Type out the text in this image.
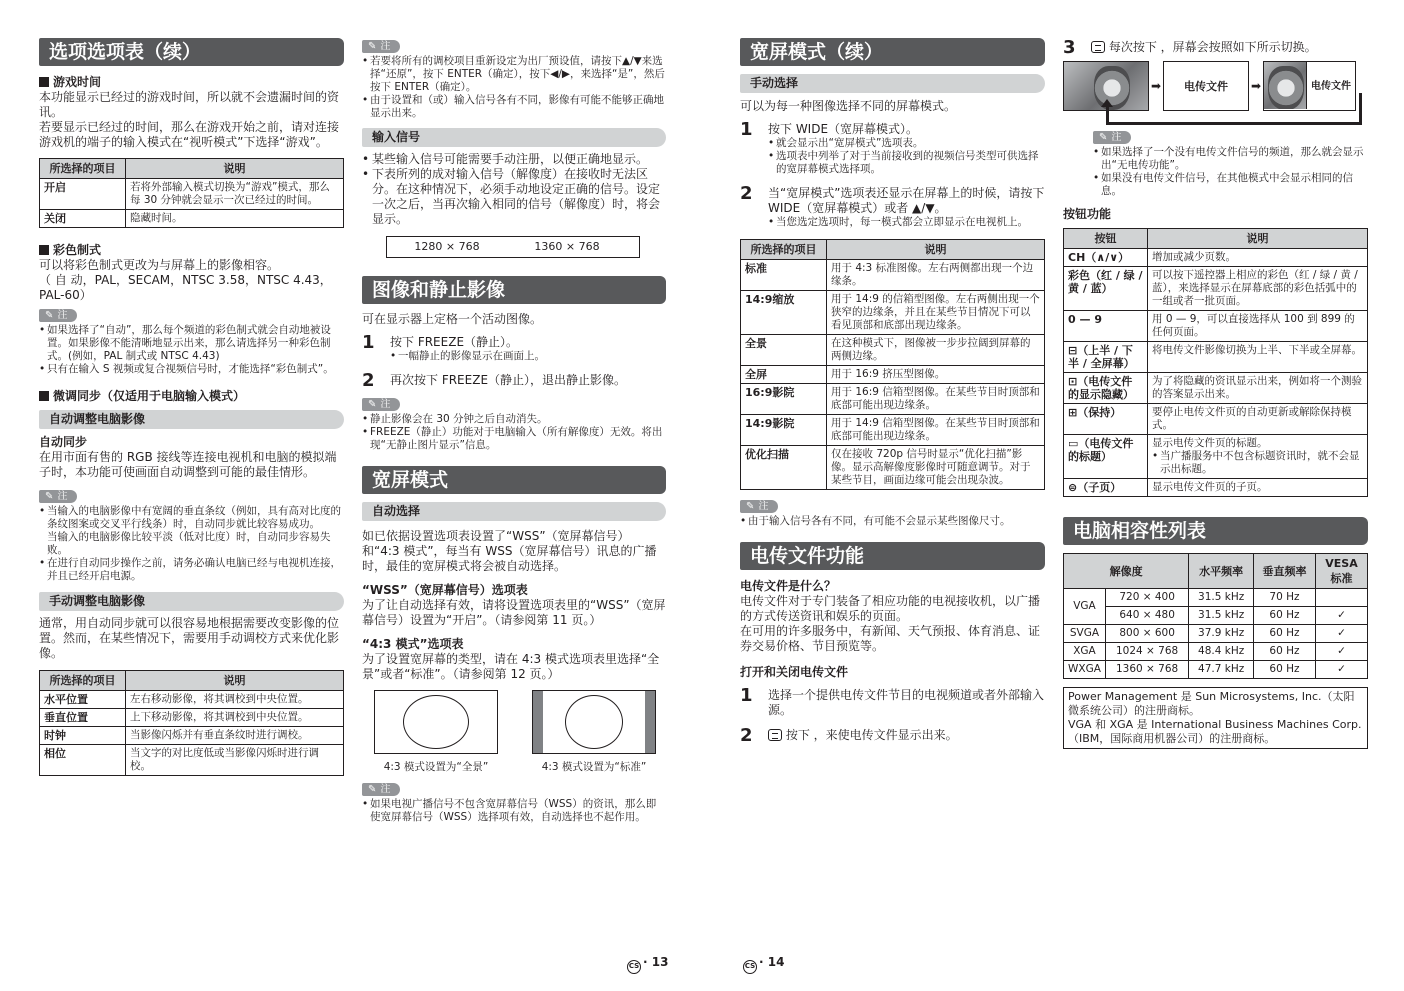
选项选项表（续）
游戏时间
本功能显示已经过的游戏时间，所以就不会遗漏时间的资讯。
若要显示已经过的时间，那么在游戏开始之前，请对连接游戏机的端子的输入模式在“视听模式”下选择“游戏”。
所选择的项目	说明
开启	若将外部输入模式切换为“游戏”模式，那么每 30 分钟就会显示一次已经过的时间。
关闭	隐藏时间。
彩色制式
可以将彩色制式更改为与屏幕上的影像相容。
（ 自 动，PAL，SECAM，NTSC 3.58，NTSC 4.43，PAL-60）
✎ 注
• 如果选择了“自动”，那么每个频道的彩色制式就会自动地被设置。如果影像不能清晰地显示出来，那么请选择另一种彩色制式。(例如，PAL 制式或 NTSC 4.43)
• 只有在输入 S 视频或复合视频信号时，才能选择“彩色制式”。
微调同步（仅适用于电脑输入模式）
自动调整电脑影像
自动同步
在用市面有售的 RGB 接线等连接电视机和电脑的模拟端子时，本功能可使画面自动调整到可能的最佳情形。
✎ 注
• 当输入的电脑影像中有宽阔的垂直条纹（例如，具有高对比度的条纹图案或交叉平行线条）时，自动同步就比较容易成功。
当输入的电脑影像比较平淡（低对比度）时，自动同步容易失败。
• 在进行自动同步操作之前，请务必确认电脑已经与电视机连接，并且已经开启电源。
手动调整电脑影像
通常，用自动同步就可以很容易地根据需要改变影像的位置。然而，在某些情况下，需要用手动调校方式来优化影像。
所选择的项目	说明
水平位置	左右移动影像，将其调校到中央位置。
垂直位置	上下移动影像，将其调校到中央位置。
时钟	当影像闪烁并有垂直条纹时进行调校。
相位	当文字的对比度低或当影像闪烁时进行调校。
✎ 注
• 若要将所有的调校项目重新设定为出厂预设值，请按下▲/▼来选择“还原”，按下 ENTER（确定），按下◀/▶，来选择“是”，然后按下 ENTER（确定）。
• 由于设置和（或）输入信号各有不同，影像有可能不能够正确地显示出来。
输入信号
• 某些输入信号可能需要手动注册，以便正确地显示。
• 下表所列的成对输入信号（解像度）在接收时无法区分。在这种情况下，必须手动地设定正确的信号。设定一次之后，当再次输入相同的信号（解像度）时，将会显示。
1280 × 768	1360 × 768
图像和静止影像
可在显示器上定格一个活动图像。
1 按下 FREEZE（静止）。
• 一幅静止的影像显示在画面上。
2 再次按下 FREEZE（静止），退出静止影像。
✎ 注
• 静止影像会在 30 分钟之后自动消失。
• FREEZE（静止）功能对于电脑输入（所有解像度）无效。将出现“无静止图片显示”信息。
宽屏模式
自动选择
如已依据设置选项表设置了“WSS”（宽屏幕信号）和“4:3 模式”，每当有 WSS（宽屏幕信号）讯息的广播时，最佳的宽屏模式将会被自动选择。
“WSS”（宽屏幕信号）选项表
为了让自动选择有效，请将设置选项表里的“WSS”（宽屏幕信号）设置为“开启”。（请参阅第 11 页。）
“4:3 模式”选项表
为了设置宽屏幕的类型，请在 4:3 模式选项表里选择“全景”或者“标准”。（请参阅第 12 页。）
4:3 模式设置为“全景”	4:3 模式设置为“标准”
✎ 注
• 如果电视广播信号不包含宽屏幕信号（WSS）的资讯，那么即使宽屏幕信号（WSS）选择项有效，自动选择也不起作用。
CS · 13	CS · 14
宽屏模式（续）
手动选择
可以为每一种图像选择不同的屏幕模式。
1 按下 WIDE（宽屏幕模式）。
• 就会显示出“宽屏模式”选项表。
• 选项表中列举了对于当前接收到的视频信号类型可供选择的宽屏幕模式选择项。
2 当“宽屏模式”选项表还显示在屏幕上的时候，请按下 WIDE（宽屏幕模式）或者 ▲/▼。
• 当您选定选项时，每一模式都会立即显示在电视机上。
所选择的项目	说明
标准	用于 4:3 标准图像。左右两侧都出现一个边缘条。
14:9缩放	用于 14:9 的信箱型图像。左右两侧出现一个狭窄的边缘条，并且在某些节目情况下可以看见顶部和底部出现边缘条。
全景	在这种模式下，图像被一步步拉阔到屏幕的两侧边缘。
全屏	用于 16:9 挤压型图像。
16:9影院	用于 16:9 信箱型图像。在某些节目时顶部和底部可能出现边缘条。
14:9影院	用于 14:9 信箱型图像。在某些节目时顶部和底部可能出现边缘条。
优化扫描	仅在接收 720p 信号时显示“优化扫描”影像。显示高解像度影像时可随意调节。对于某些节目，画面边缘可能会出现杂波。
✎ 注
• 由于输入信号各有不同，有可能不会显示某些图像尺寸。
电传文件功能
电传文件是什么？
电传文件对于专门装备了相应功能的电视接收机，以广播的方式传送资讯和娱乐的页面。
在可用的许多服务中，有新闻、天气预报、体育消息、证券交易价格、节目预览等。
打开和关闭电传文件
1 选择一个提供电传文件节目的电视频道或者外部输入源。
2	按下 ，来使电传文件显示出来。
3	每次按下 ，屏幕会按照如下所示切换。
➡	电传文件	➡	电传文件
✎ 注
• 如果选择了一个没有电传文件信号的频道，那么就会显示出“无电传功能”。
• 如果没有电传文件信号，在其他模式中会显示相同的信息。
按钮功能
按钮	说明
CH（∧/∨）	增加或减少页数。
彩色（红 / 绿 / 黄 / 蓝）	可以按下遥控器上相应的彩色（红 / 绿 / 黄 / 蓝），来选择显示在屏幕底部的彩色括弧中的一组或者一批页面。
0 — 9	用 0 — 9，可以直接选择从 100 到 899 的任何页面。
⊟（上半 / 下半 / 全屏幕）	将电传文件影像切换为上半、下半或全屏幕。
⊡（电传文件的显示隐藏）	为了将隐藏的资讯显示出来，例如将一个测验的答案显示出来。
⊞（保持）	要停止电传文件页的自动更新或解除保持模式。
▭（电传文件的标题）	显示电传文件页的标题。
• 当广播服务中不包含标题资讯时，就不会显示出标题。

⊜（子页）	显示电传文件页的子页。
电脑相容性列表
解像度		水平频率	垂直频率	VESA 标准
VGA	720 × 400	31.5 kHz	70 Hz	
	640 × 480	31.5 kHz	60 Hz	✓
SVGA	800 × 600	37.9 kHz	60 Hz	✓
XGA	1024 × 768	48.4 kHz	60 Hz	✓
WXGA	1360 × 768	47.7 kHz	60 Hz	✓
Power Management 是 Sun Microsystems, Inc.（太阳微系统公司）的注册商标。
VGA 和 XGA 是 International Business Machines Corp.（IBM，国际商用机器公司）的注册商标。
